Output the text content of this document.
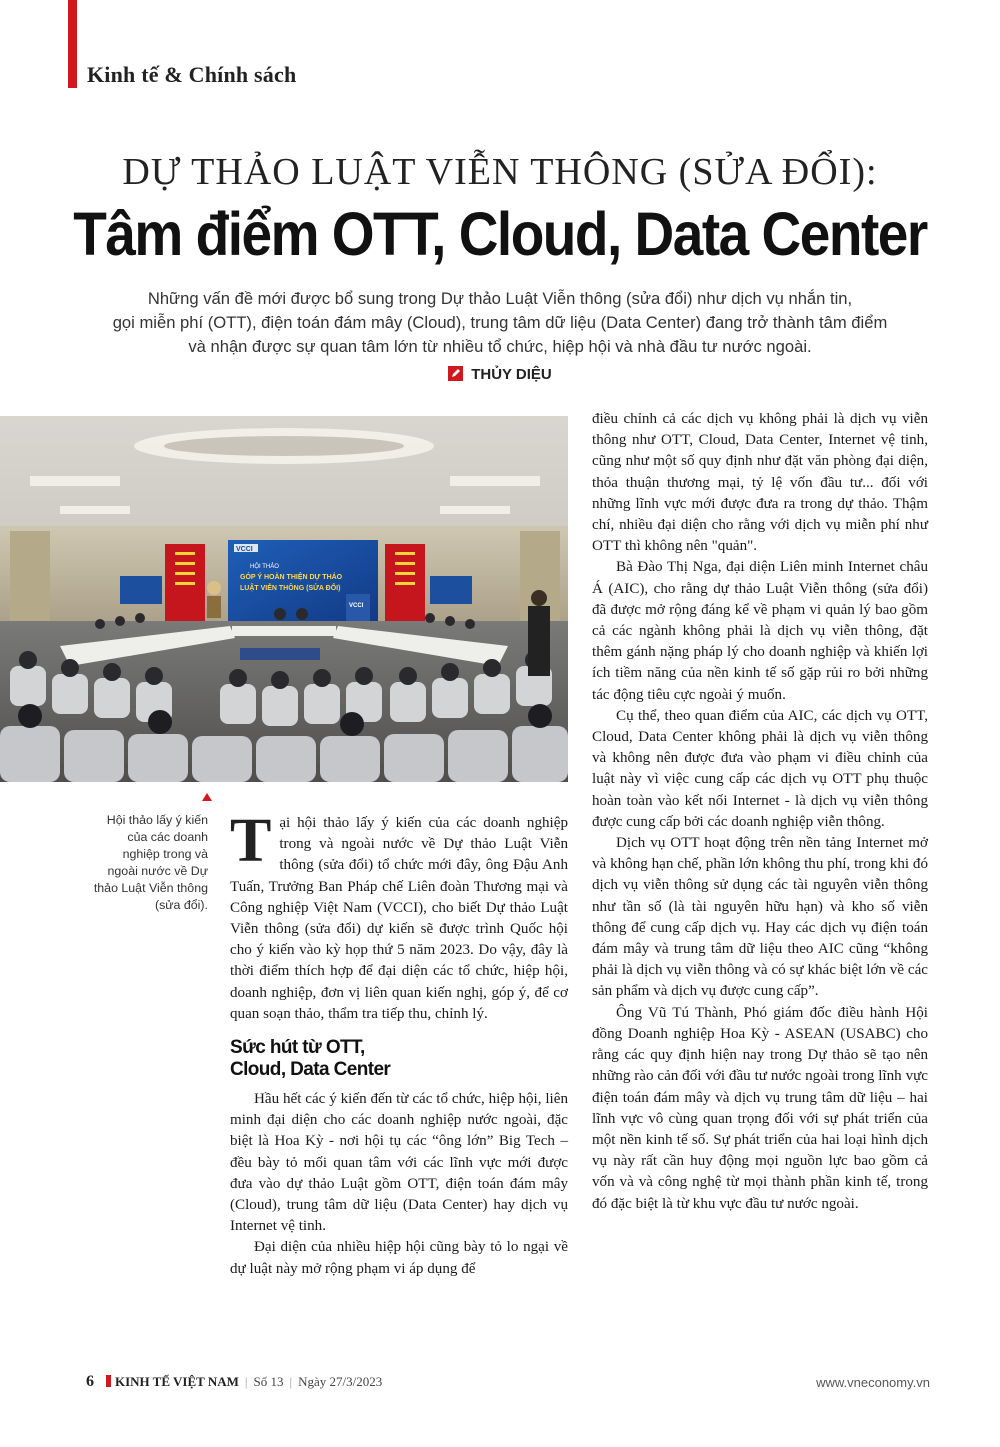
Kinh tế & Chính sách
DỰ THẢO LUẬT VIỄN THÔNG (SỬA ĐỔI):
Tâm điểm OTT, Cloud, Data Center
Những vấn đề mới được bổ sung trong Dự thảo Luật Viễn thông (sửa đổi) như dịch vụ nhắn tin,
gọi miễn phí (OTT), điện toán đám mây (Cloud), trung tâm dữ liệu (Data Center) đang trở thành tâm điểm
và nhận được sự quan tâm lớn từ nhiều tổ chức, hiệp hội và nhà đầu tư nước ngoài.
THỦY DIỆU
VCCI
HỘI THẢO
GÓP Ý HOÀN THIỆN DỰ THẢO
LUẬT VIỄN THÔNG (SỬA ĐỔI)
VCCI
Hội thảo lấy ý kiến của các doanh nghiệp trong và ngoài nước về Dự thảo Luật Viễn thông (sửa đổi).

Tại hội thảo lấy ý kiến của các doanh nghiệp trong và ngoài nước về Dự thảo Luật Viễn thông (sửa đổi) tổ chức mới đây, ông Đậu Anh Tuấn, Trưởng Ban Pháp chế Liên đoàn Thương mại và Công nghiệp Việt Nam (VCCI), cho biết Dự thảo Luật Viễn thông (sửa đổi) dự kiến sẽ được trình Quốc hội cho ý kiến vào kỳ họp thứ 5 năm 2023. Do vậy, đây là thời điểm thích hợp để đại diện các tổ chức, hiệp hội, doanh nghiệp, đơn vị liên quan kiến nghị, góp ý, để cơ quan soạn thảo, thẩm tra tiếp thu, chỉnh lý.

Sức hút từ OTT,
Cloud, Data Center

Hầu hết các ý kiến đến từ các tổ chức, hiệp hội, liên minh đại diện cho các doanh nghiệp nước ngoài, đặc biệt là Hoa Kỳ - nơi hội tụ các “ông lớn” Big Tech – đều bày tỏ mối quan tâm với các lĩnh vực mới được đưa vào dự thảo Luật gồm OTT, điện toán đám mây (Cloud), trung tâm dữ liệu (Data Center) hay dịch vụ Internet vệ tinh.

Đại diện của nhiều hiệp hội cũng bày tỏ lo ngại về dự luật này mở rộng phạm vi áp dụng để

điều chỉnh cả các dịch vụ không phải là dịch vụ viễn thông như OTT, Cloud, Data Center, Internet vệ tinh, cũng như một số quy định như đặt văn phòng đại diện, thỏa thuận thương mại, tỷ lệ vốn đầu tư... đối với những lĩnh vực mới được đưa ra trong dự thảo. Thậm chí, nhiều đại diện cho rằng với dịch vụ miễn phí như OTT thì không nên "quản".

Bà Đào Thị Nga, đại diện Liên minh Internet châu Á (AIC), cho rằng dự thảo Luật Viễn thông (sửa đổi) đã được mở rộng đáng kể về phạm vi quản lý bao gồm cả các ngành không phải là dịch vụ viễn thông, đặt thêm gánh nặng pháp lý cho doanh nghiệp và khiến lợi ích tiềm năng của nền kinh tế số gặp rủi ro bởi những tác động tiêu cực ngoài ý muốn.

Cụ thể, theo quan điểm của AIC, các dịch vụ OTT, Cloud, Data Center không phải là dịch vụ viễn thông và không nên được đưa vào phạm vi điều chỉnh của luật này vì việc cung cấp các dịch vụ OTT phụ thuộc hoàn toàn vào kết nối Internet - là dịch vụ viễn thông được cung cấp bởi các doanh nghiệp viễn thông.

Dịch vụ OTT hoạt động trên nền tảng Internet mở và không hạn chế, phần lớn không thu phí, trong khi đó dịch vụ viễn thông sử dụng các tài nguyên viễn thông như tần số (là tài nguyên hữu hạn) và kho số viễn thông để cung cấp dịch vụ. Hay các dịch vụ điện toán đám mây và trung tâm dữ liệu theo AIC cũng “không phải là dịch vụ viễn thông và có sự khác biệt lớn về các sản phẩm và dịch vụ được cung cấp”.

Ông Vũ Tú Thành, Phó giám đốc điều hành Hội đồng Doanh nghiệp Hoa Kỳ - ASEAN (USABC) cho rằng các quy định hiện nay trong Dự thảo sẽ tạo nên những rào cản đối với đầu tư nước ngoài trong lĩnh vực điện toán đám mây và dịch vụ trung tâm dữ liệu – hai lĩnh vực vô cùng quan trọng đối với sự phát triển của một nền kinh tế số. Sự phát triển của hai loại hình dịch vụ này rất cần huy động mọi nguồn lực bao gồm cả vốn và và công nghệ từ mọi thành phần kinh tế, trong đó đặc biệt là từ khu vực đầu tư nước ngoài.

6 KINH TẾ VIỆT NAM | Số 13 | Ngày 27/3/2023	www.vneconomy.vn
